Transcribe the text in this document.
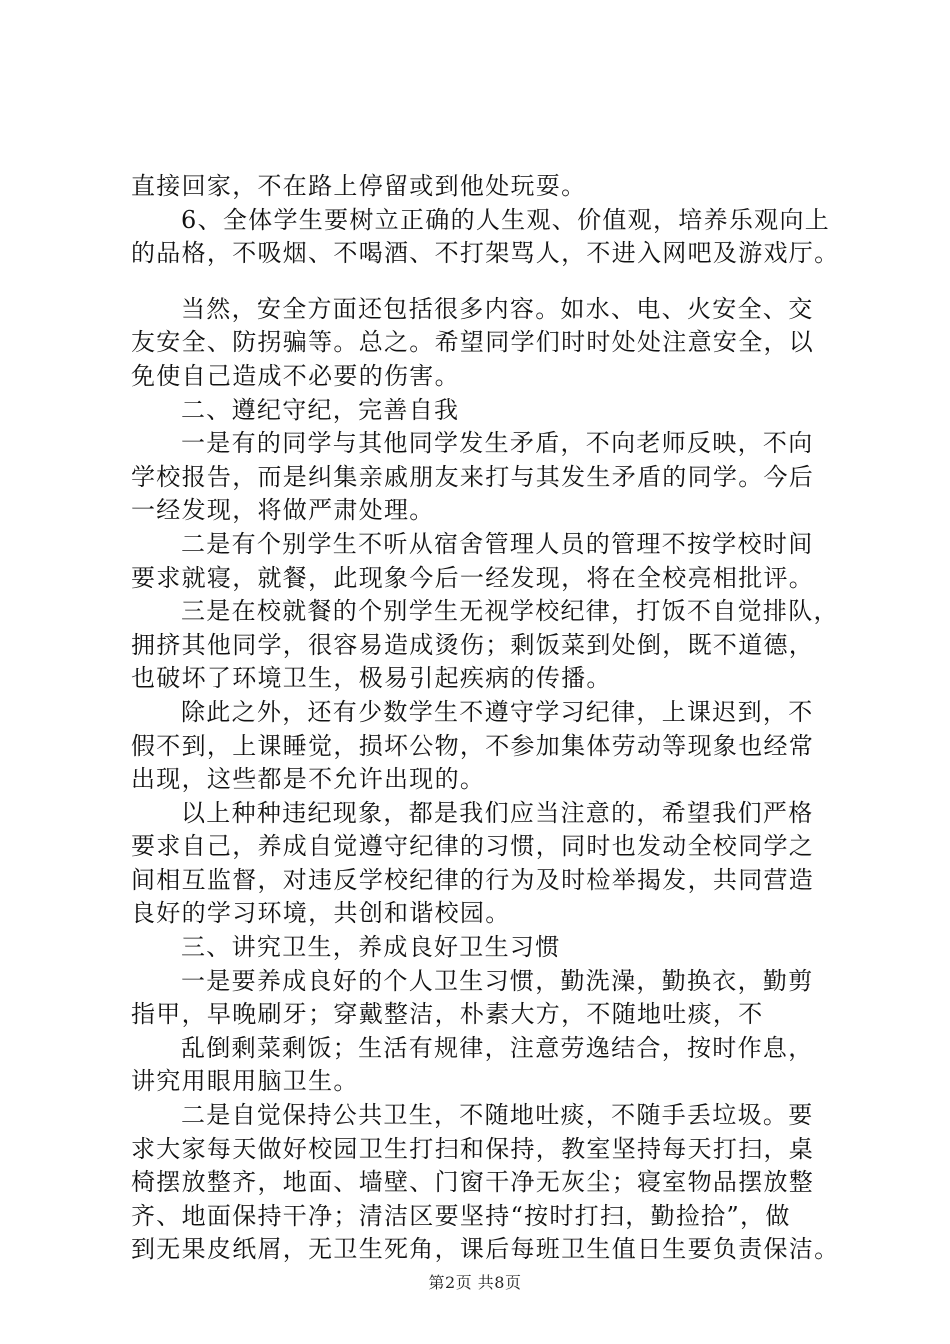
直接回家，不在路上停留或到他处玩耍。
6、全体学生要树立正确的人生观、价值观，培养乐观向上
的品格，不吸烟、不喝酒、不打架骂人，不进入网吧及游戏厅。
当然，安全方面还包括很多内容。如水、电、火安全、交
友安全、防拐骗等。总之。希望同学们时时处处注意安全，以
免使自己造成不必要的伤害。
二、遵纪守纪，完善自我
一是有的同学与其他同学发生矛盾，不向老师反映，不向
学校报告，而是纠集亲戚朋友来打与其发生矛盾的同学。今后
一经发现，将做严肃处理。
二是有个别学生不听从宿舍管理人员的管理不按学校时间
要求就寝，就餐，此现象今后一经发现，将在全校亮相批评。
三是在校就餐的个别学生无视学校纪律，打饭不自觉排队，
拥挤其他同学，很容易造成烫伤；剩饭菜到处倒，既不道德，
也破坏了环境卫生，极易引起疾病的传播。
除此之外，还有少数学生不遵守学习纪律，上课迟到，不
假不到，上课睡觉，损坏公物，不参加集体劳动等现象也经常
出现，这些都是不允许出现的。
以上种种违纪现象，都是我们应当注意的，希望我们严格
要求自己，养成自觉遵守纪律的习惯，同时也发动全校同学之
间相互监督，对违反学校纪律的行为及时检举揭发，共同营造
良好的学习环境，共创和谐校园。
三、讲究卫生，养成良好卫生习惯
一是要养成良好的个人卫生习惯，勤洗澡，勤换衣，勤剪
指甲，早晚刷牙；穿戴整洁，朴素大方，不随地吐痰，不
乱倒剩菜剩饭；生活有规律，注意劳逸结合，按时作息，
讲究用眼用脑卫生。
二是自觉保持公共卫生，不随地吐痰，不随手丢垃圾。要
求大家每天做好校园卫生打扫和保持，教室坚持每天打扫，桌
椅摆放整齐，地面、墙壁、门窗干净无灰尘；寝室物品摆放整
齐、地面保持干净；清洁区要坚持“按时打扫，勤捡拾”，做
到无果皮纸屑，无卫生死角，课后每班卫生值日生要负责保洁。
第2页 共8页
